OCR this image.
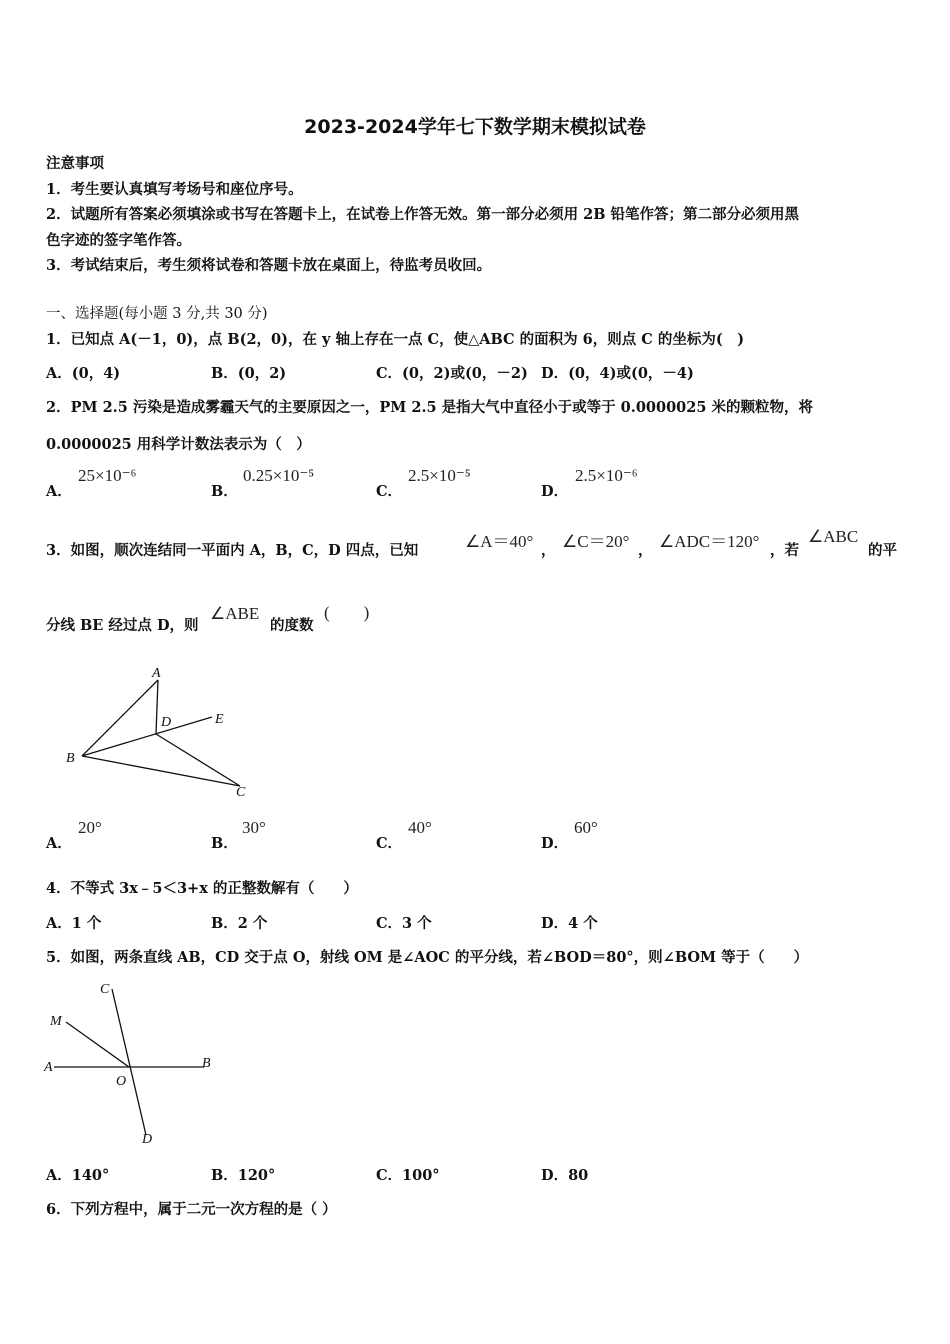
2023-2024学年七下数学期末模拟试卷
注意事项
1．考生要认真填写考场号和座位序号。
2．试题所有答案必须填涂或书写在答题卡上，在试卷上作答无效。第一部分必须用 2B 铅笔作答；第二部分必须用黑
色字迹的签字笔作答。
3．考试结束后，考生须将试卷和答题卡放在桌面上，待监考员收回。
一、选择题(每小题 3 分,共 30 分)
1．已知点 A(－1，0)，点 B(2，0)，在 y 轴上存在一点 C，使△ABC 的面积为 6，则点 C 的坐标为(　)
A．(0，4)	B．(0，2)	C．(0，2)或(0，－2) D．(0，4)或(0，－4)
2．PM 2.5 污染是造成雾霾天气的主要原因之一，PM 2.5 是指大气中直径小于或等于 0.0000025 米的颗粒物，将
0.0000025 用科学计数法表示为（　）
A．
25×10⁻⁶
B．
0.25×10⁻⁵
C．
2.5×10⁻⁵
D．
2.5×10⁻⁶
3．如图，顺次连结同一平面内 A，B，C，D 四点，已知	∠A＝40° ， ∠C＝20° ， ∠ADC＝120° ，若
∠ABC
的平
分线 BE 经过点 D，则
∠ABE
的度数
(　　)
A
D	E
B
C
A．
20°
B．
30°
C．
40°
D．
60°
4．不等式 3x﹣5＜3+x 的正整数解有（　　）
A．1 个	B．2 个	C．3 个	D．4 个
5．如图，两条直线 AB，CD 交于点 O，射线 OM 是∠AOC 的平分线，若∠BOD＝80°，则∠BOM 等于（　　）
C
M
A
O
B
D
A．140°	B．120°	C．100°	D．80
6．下列方程中，属于二元一次方程的是（ ）
